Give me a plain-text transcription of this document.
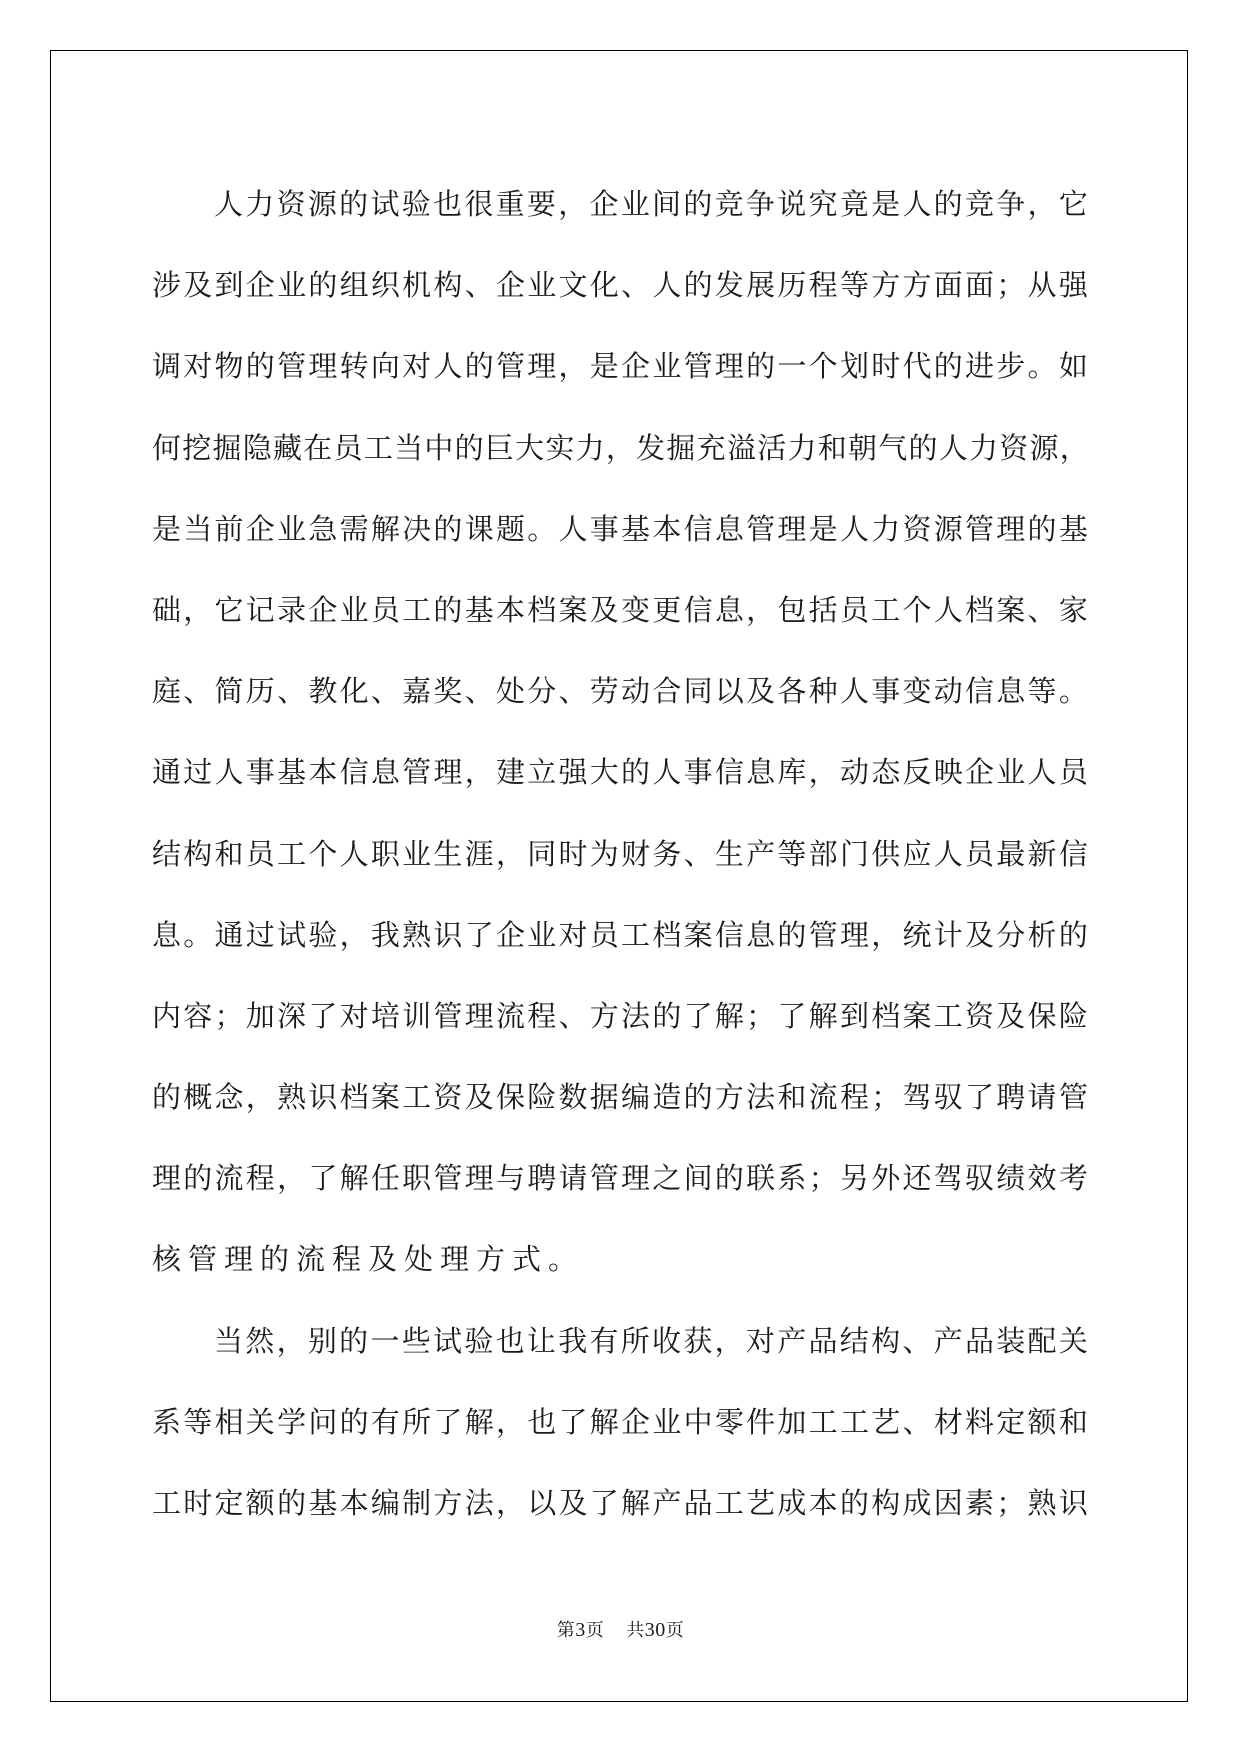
人力资源的试验也很重要，企业间的竞争说究竟是人的竞争，它
涉及到企业的组织机构、企业文化、人的发展历程等方方面面；从强
调对物的管理转向对人的管理，是企业管理的一个划时代的进步。如
何挖掘隐藏在员工当中的巨大实力，发掘充溢活力和朝气的人力资源，
是当前企业急需解决的课题。人事基本信息管理是人力资源管理的基
础，它记录企业员工的基本档案及变更信息，包括员工个人档案、家
庭、简历、教化、嘉奖、处分、劳动合同以及各种人事变动信息等。
通过人事基本信息管理，建立强大的人事信息库，动态反映企业人员
结构和员工个人职业生涯，同时为财务、生产等部门供应人员最新信
息。通过试验，我熟识了企业对员工档案信息的管理，统计及分析的
内容；加深了对培训管理流程、方法的了解；了解到档案工资及保险
的概念，熟识档案工资及保险数据编造的方法和流程；驾驭了聘请管
理的流程，了解任职管理与聘请管理之间的联系；另外还驾驭绩效考
核管理的流程及处理方式。
当然，别的一些试验也让我有所收获，对产品结构、产品装配关
系等相关学问的有所了解，也了解企业中零件加工工艺、材料定额和
工时定额的基本编制方法，以及了解产品工艺成本的构成因素；熟识
第3页 共30页
